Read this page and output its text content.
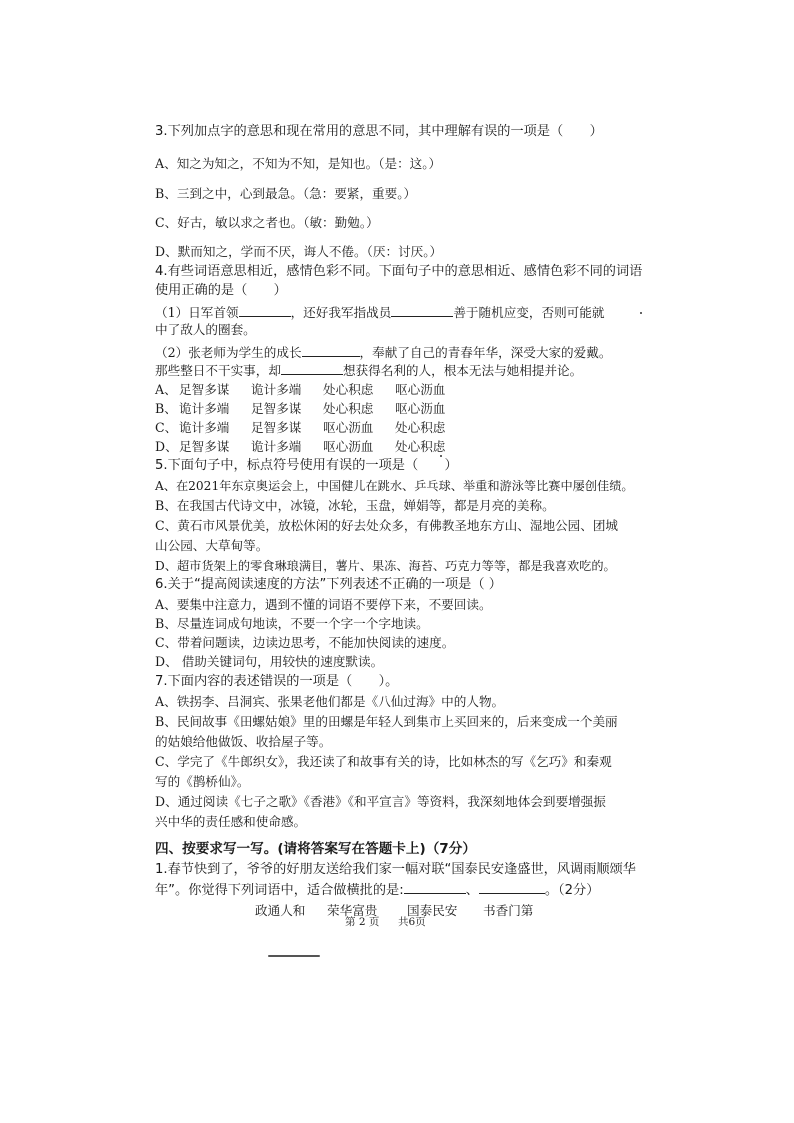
3.下列加点字的意思和现在常用的意思不同，其中理解有误的一项是（　　）
A、知之为知之，不知为不知，是知也。（是：这。）
B、三到之中，心到最急。（急：要紧，重要。）
C、好古，敏以求之者也。（敏：勤勉。）
D、默而知之，学而不厌，诲人不倦。（厌：讨厌。）
4.有些词语意思相近，感情色彩不同。下面句子中的意思相近、感情色彩不同的词语
使用正确的是（　　）
（1）日军首领	，还好我军指战员	善于随机应变，否则可能就
中了敌人的圈套。
（2）张老师为学生的成长	，奉献了自己的青春年华，深受大家的爱戴。
那些整日不干实事，却	想获得名利的人，根本无法与她相提并论。
A、 足智多谋 诡计多端 处心积虑 呕心沥血
B、 诡计多端 足智多谋 处心积虑 呕心沥血
C、 诡计多端 足智多谋 呕心沥血 处心积虑
D、足智多谋 诡计多端 呕心沥血 处心积虑
5.下面句子中，标点符号使用有误的一项是（　　）
A、在2021年东京奥运会上，中国健儿在跳水、乒乓球、举重和游泳等比赛中屡创佳绩。
B、在我国古代诗文中，冰镜，冰轮，玉盘，婵娟等，都是月亮的美称。
C、黄石市风景优美，放松休闲的好去处众多，有佛教圣地东方山、湿地公园、团城
山公园、大草甸等。
D、超市货架上的零食琳琅满目，薯片、果冻、海苔、巧克力等等，都是我喜欢吃的。
6.关于“提高阅读速度的方法”下列表述不正确的一项是（ ）
A、要集中注意力，遇到不懂的词语不要停下来，不要回读。
B、尽量连词成句地读，不要一个字一个字地读。
C、带着问题读，边读边思考，不能加快阅读的速度。
D、 借助关键词句，用较快的速度默读。
7.下面内容的表述错误的一项是（　　）。
A、铁拐李、吕洞宾、张果老他们都是《八仙过海》中的人物。
B、民间故事《田螺姑娘》里的田螺是年轻人到集市上买回来的，后来变成一个美丽
的姑娘给他做饭、收拾屋子等。
C、学完了《牛郎织女》，我还读了和故事有关的诗，比如林杰的写《乞巧》和秦观
写的《鹊桥仙》。
D、通过阅读《七子之歌》《香港》《和平宣言》等资料，我深刻地体会到要增强振
兴中华的责任感和使命感。
四、按要求写一写。(请将答案写在答题卡上)（7分）
1.春节快到了，爷爷的好朋友送给我们家一幅对联“国泰民安逢盛世，风调雨顺颂华
年”。你觉得下列词语中，适合做横批的是:	、	。（2分）
政通人和 荣华富贵 国泰民安 书香门第
第 2 页 共6页
